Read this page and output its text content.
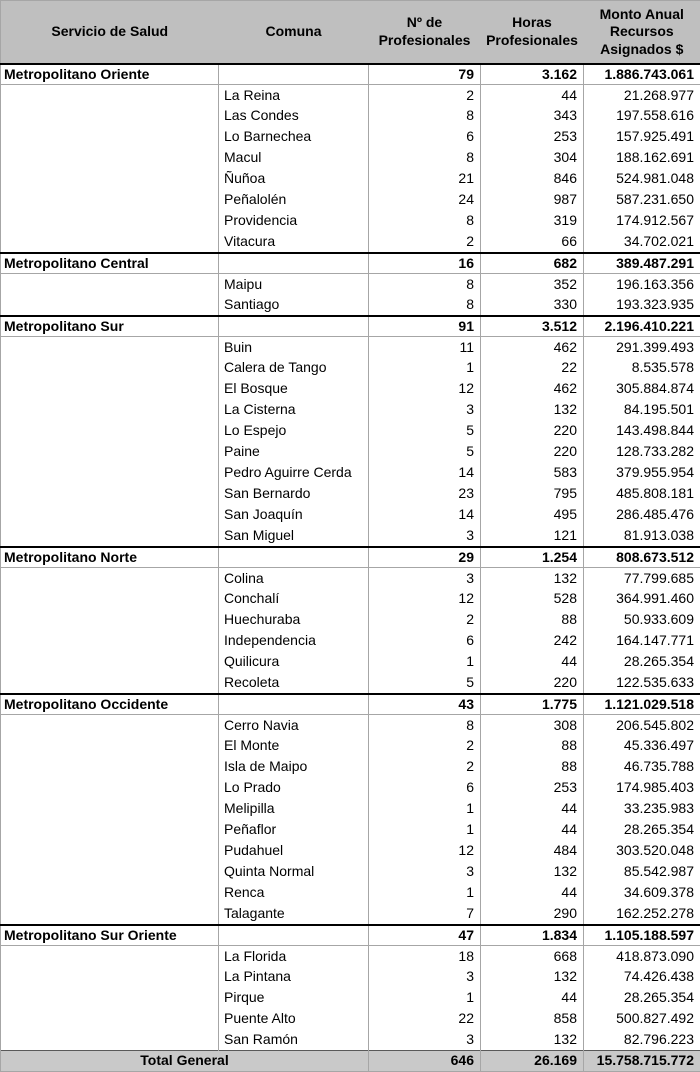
Servicio de Salud	Comuna	Nº de Profesionales	Horas Profesionales	Monto Anual Recursos Asignados $
Metropolitano Oriente		79	3.162	1.886.743.061
	La Reina	2	44	21.268.977
	Las Condes	8	343	197.558.616
	Lo Barnechea	6	253	157.925.491
	Macul	8	304	188.162.691
	Ñuñoa	21	846	524.981.048
	Peñalolén	24	987	587.231.650
	Providencia	8	319	174.912.567
	Vitacura	2	66	34.702.021
Metropolitano Central		16	682	389.487.291
	Maipu	8	352	196.163.356
	Santiago	8	330	193.323.935
Metropolitano Sur		91	3.512	2.196.410.221
	Buin	11	462	291.399.493
	Calera de Tango	1	22	8.535.578
	El Bosque	12	462	305.884.874
	La Cisterna	3	132	84.195.501
	Lo Espejo	5	220	143.498.844
	Paine	5	220	128.733.282
	Pedro Aguirre Cerda	14	583	379.955.954
	San Bernardo	23	795	485.808.181
	San Joaquín	14	495	286.485.476
	San Miguel	3	121	81.913.038
Metropolitano Norte		29	1.254	808.673.512
	Colina	3	132	77.799.685
	Conchalí	12	528	364.991.460
	Huechuraba	2	88	50.933.609
	Independencia	6	242	164.147.771
	Quilicura	1	44	28.265.354
	Recoleta	5	220	122.535.633
Metropolitano Occidente		43	1.775	1.121.029.518
	Cerro Navia	8	308	206.545.802
	El Monte	2	88	45.336.497
	Isla de Maipo	2	88	46.735.788
	Lo Prado	6	253	174.985.403
	Melipilla	1	44	33.235.983
	Peñaflor	1	44	28.265.354
	Pudahuel	12	484	303.520.048
	Quinta Normal	3	132	85.542.987
	Renca	1	44	34.609.378
	Talagante	7	290	162.252.278
Metropolitano Sur Oriente		47	1.834	1.105.188.597
	La Florida	18	668	418.873.090
	La Pintana	3	132	74.426.438
	Pirque	1	44	28.265.354
	Puente Alto	22	858	500.827.492
	San Ramón	3	132	82.796.223
Total General		646	26.169	15.758.715.772
